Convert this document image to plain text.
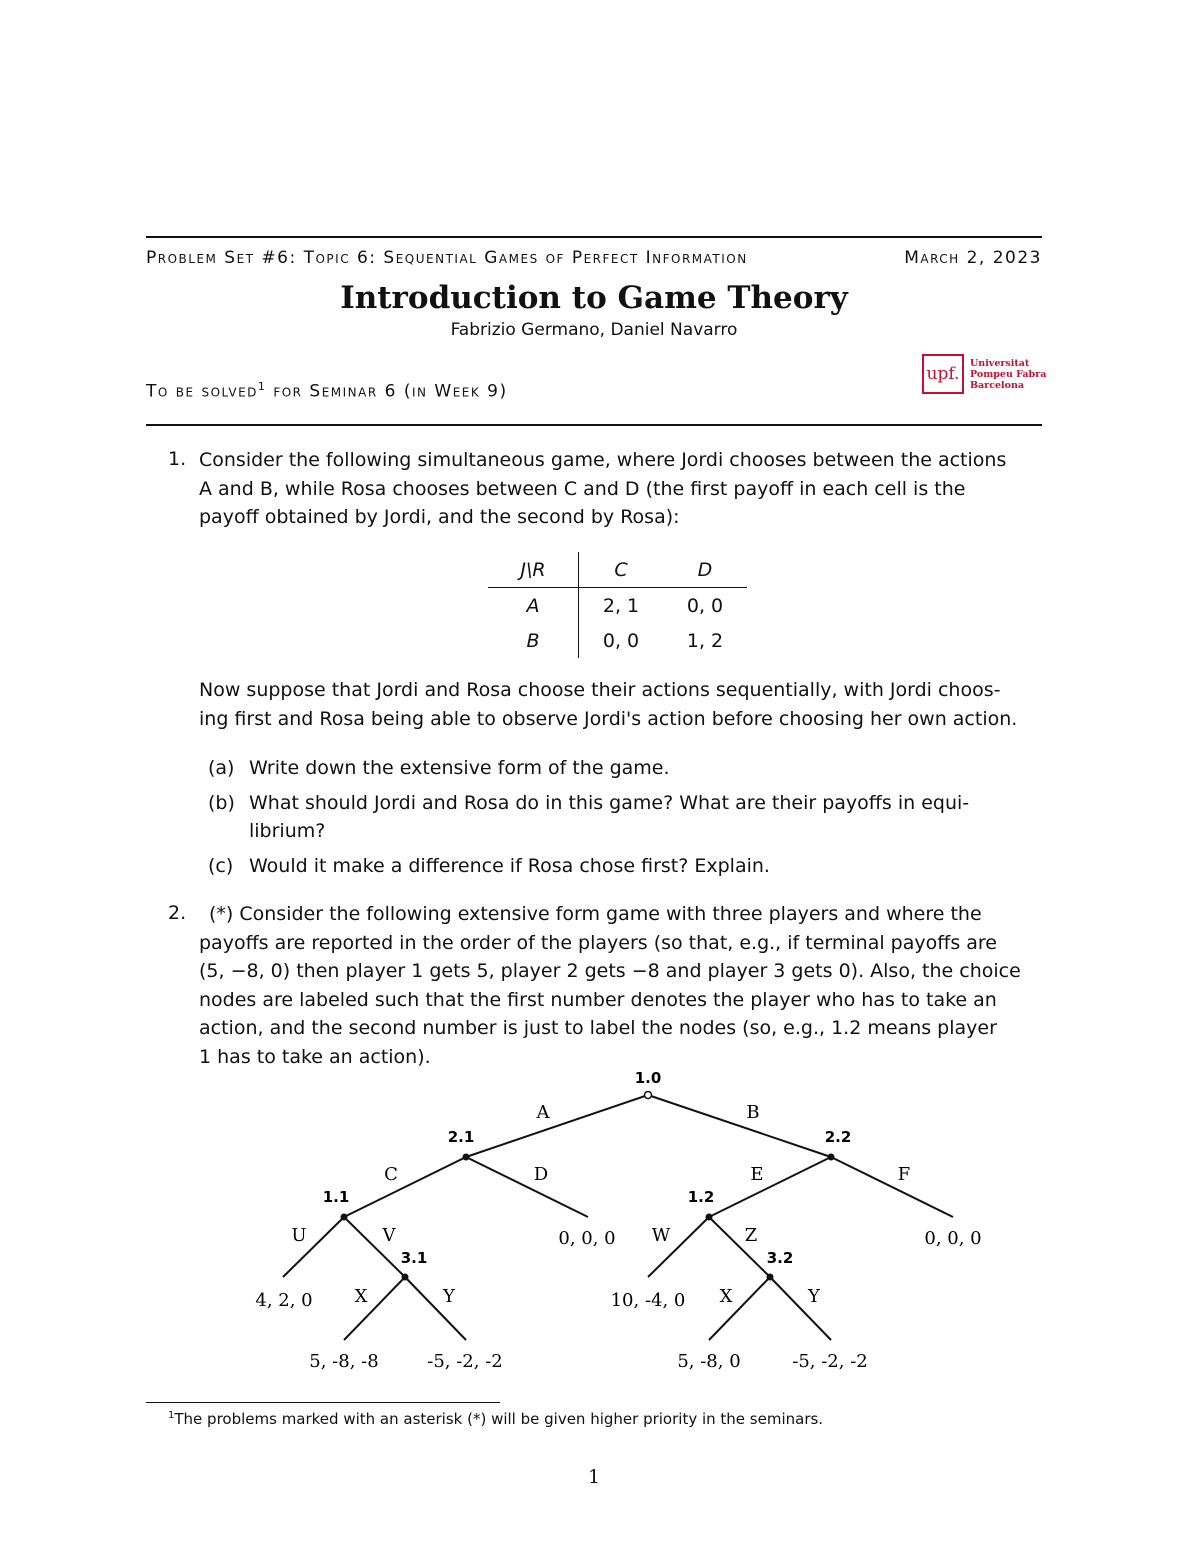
Problem Set #6: Topic 6: Sequential Games of Perfect Information	March 2, 2023
Introduction to Game Theory
Fabrizio Germano, Daniel Navarro
To be solved$^1$ for Seminar 6 (in Week 9)
upf.
Universitat
Pompeu Fabra
Barcelona
1. Consider the following simultaneous game, where Jordi chooses between the actions
A and B, while Rosa chooses between C and D (the first payoff in each cell is the
payoff obtained by Jordi, and the second by Rosa):
J\R	C	D
A	2, 1	0, 0
B	0, 0	1, 2
Now suppose that Jordi and Rosa choose their actions sequentially, with Jordi choos-
ing first and Rosa being able to observe Jordi's action before choosing her own action.
(a) Write down the extensive form of the game.
(b) What should Jordi and Rosa do in this game? What are their payoffs in equi-
librium?
(c) Would it make a difference if Rosa chose first? Explain.
2. (*) Consider the following extensive form game with three players and where the
payoffs are reported in the order of the players (so that, e.g., if terminal payoffs are
(5, −8, 0) then player 1 gets 5, player 2 gets −8 and player 3 gets 0). Also, the choice
nodes are labeled such that the first number denotes the player who has to take an
action, and the second number is just to label the nodes (so, e.g., 1.2 means player
1 has to take an action).
1.0
2.1	2.2
1.1	1.2
3.1	3.2
A	B
C	D	E	F
U	V	W	Z
X	Y	X	Y
0, 0, 0	0, 0, 0
4, 2, 0	10, -4, 0
5, -8, -8	-5, -2, -2	5, -8, 0	-5, -2, -2
$^1$The problems marked with an asterisk (*) will be given higher priority in the seminars.
1
